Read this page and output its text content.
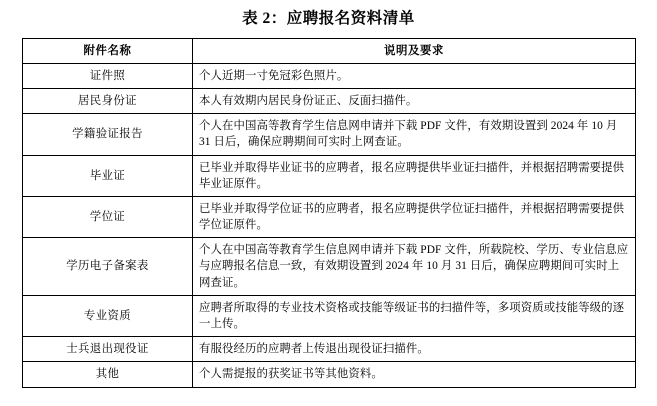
表 2：应聘报名资料清单
附件名称	说明及要求
证件照	个人近期一寸免冠彩色照片。
居民身份证	本人有效期内居民身份证正、反面扫描件。
学籍验证报告	个人在中国高等教育学生信息网申请并下载 PDF 文件，有效期设置到 2024 年 10 月 31 日后，确保应聘期间可实时上网查证。
毕业证	已毕业并取得毕业证书的应聘者，报名应聘提供毕业证扫描件，并根据招聘需要提供毕业证原件。
学位证	已毕业并取得学位证书的应聘者，报名应聘提供学位证扫描件，并根据招聘需要提供学位证原件。
学历电子备案表	个人在中国高等教育学生信息网申请并下载 PDF 文件，所载院校、学历、专业信息应与应聘报名信息一致，有效期设置到 2024 年 10 月 31 日后，确保应聘期间可实时上网查证。
专业资质	应聘者所取得的专业技术资格或技能等级证书的扫描件等，多项资质或技能等级的逐一上传。
士兵退出现役证	有服役经历的应聘者上传退出现役证扫描件。
其他	个人需提报的获奖证书等其他资料。
